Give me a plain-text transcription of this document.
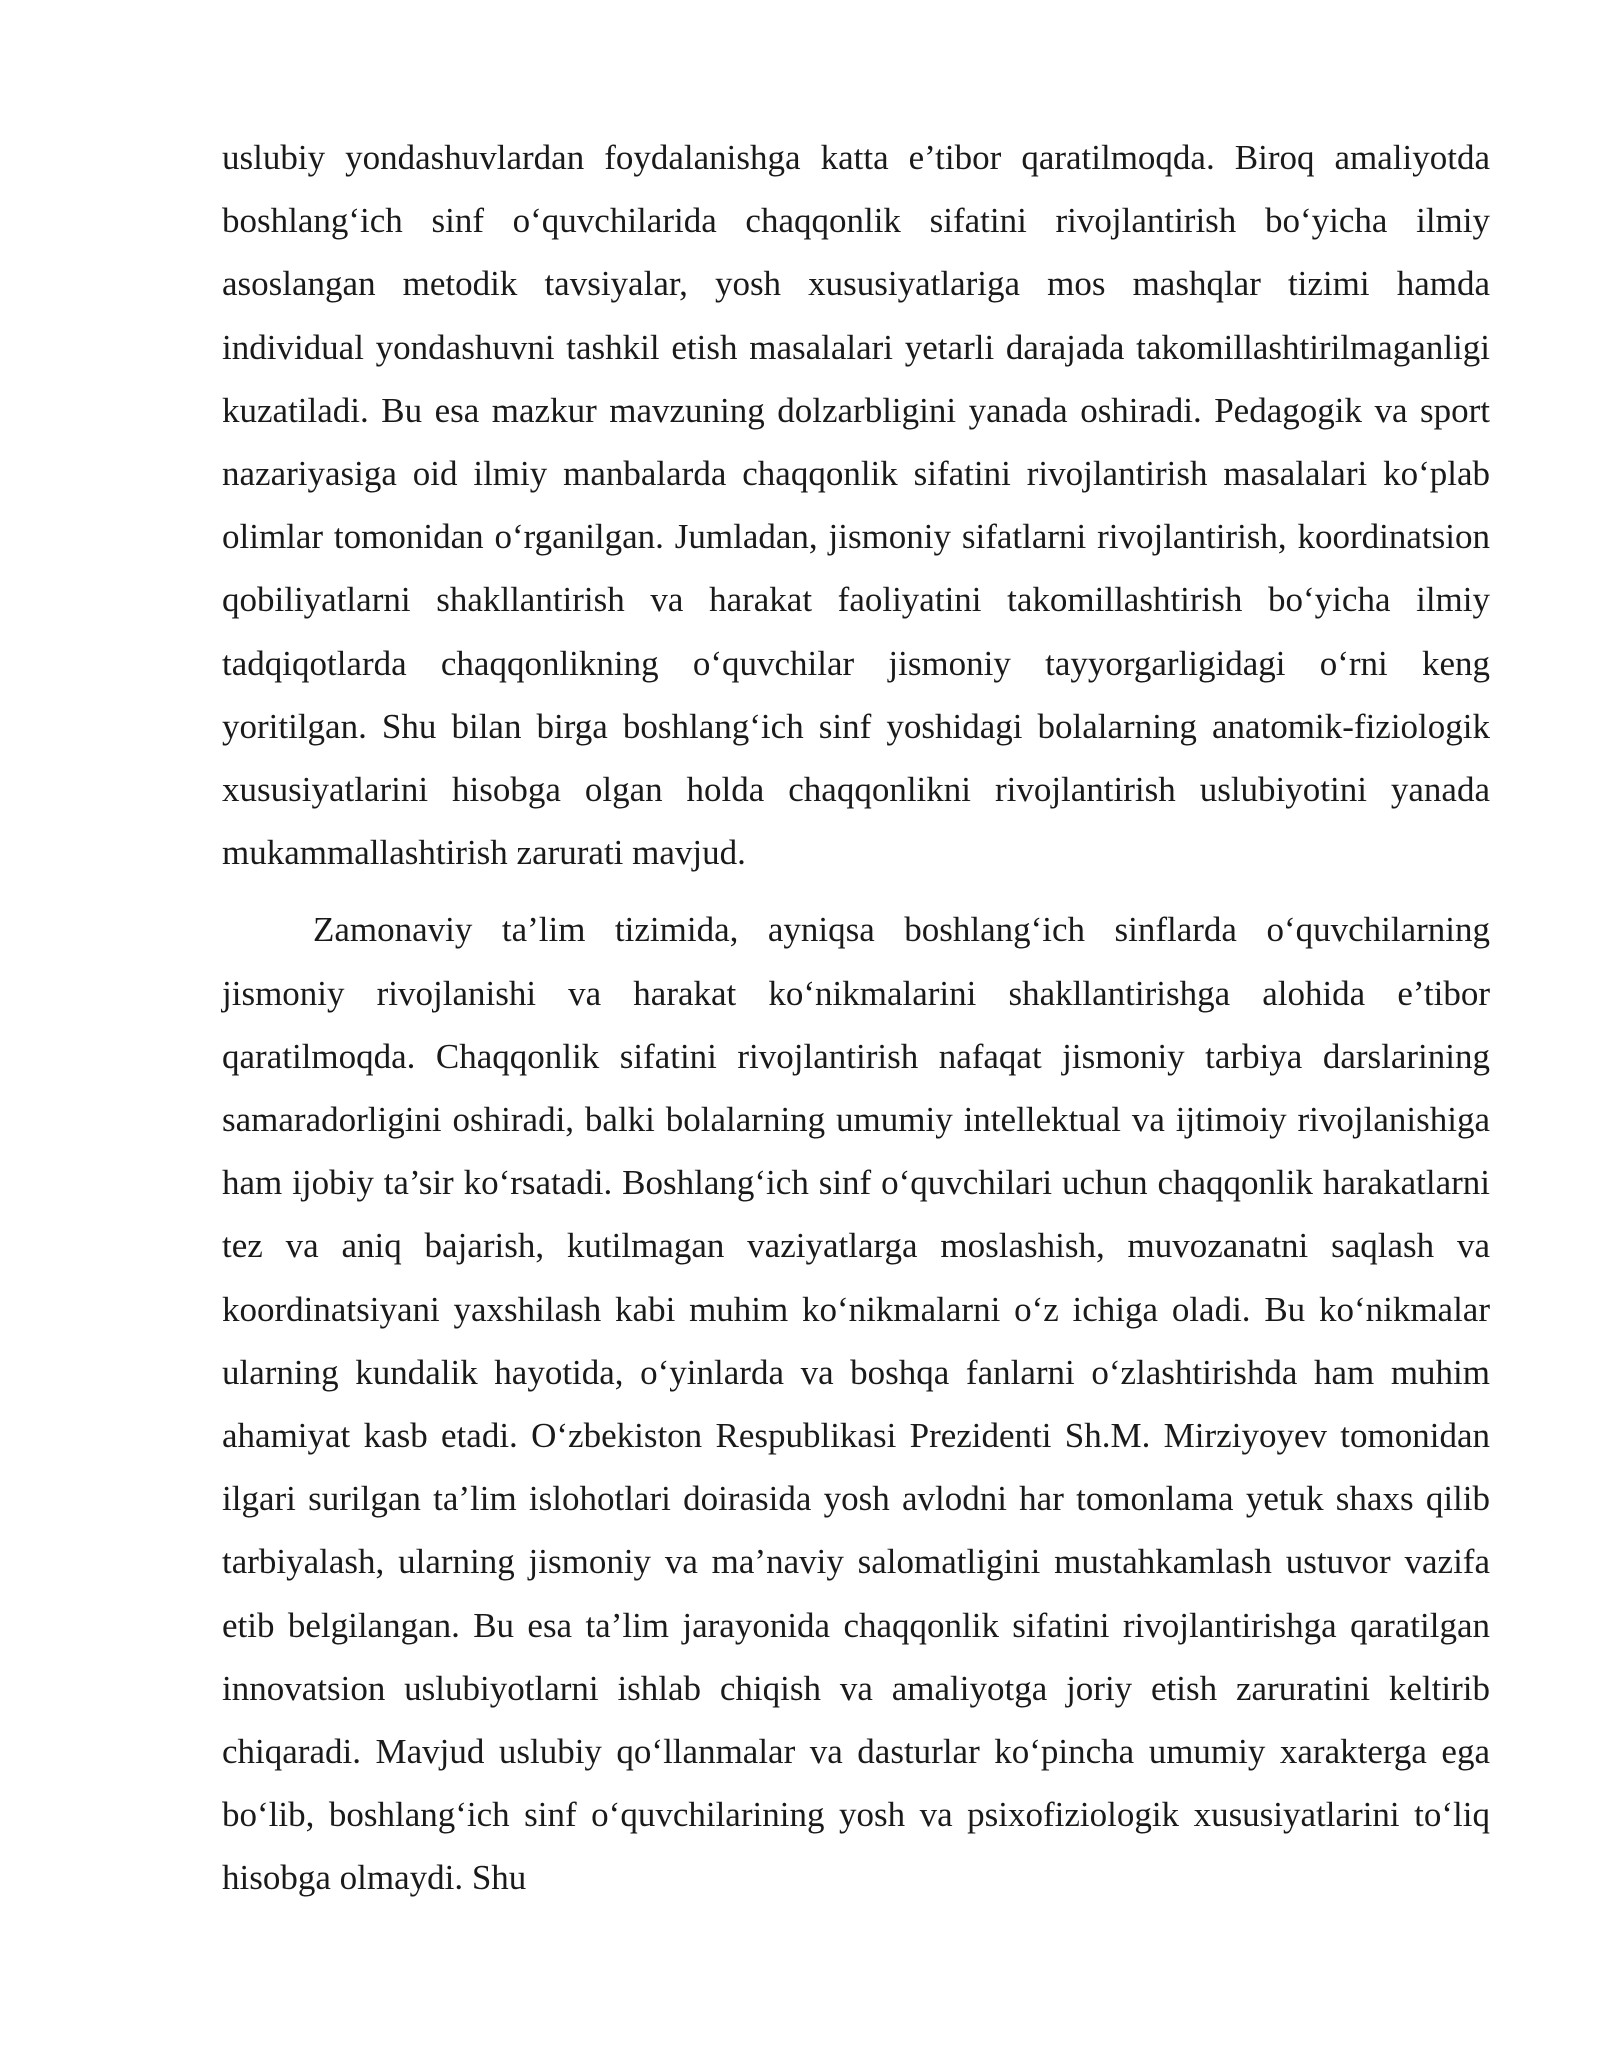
uslubiy yondashuvlardan foydalanishga katta e’tibor qaratilmoqda. Biroq amaliyotda boshlang‘ich sinf o‘quvchilarida chaqqonlik sifatini rivojlantirish bo‘yicha ilmiy asoslangan metodik tavsiyalar, yosh xususiyatlariga mos mashqlar tizimi hamda individual yondashuvni tashkil etish masalalari yetarli darajada takomillashtirilmaganligi kuzatiladi. Bu esa mazkur mavzuning dolzarbligini yanada oshiradi. Pedagogik va sport nazariyasiga oid ilmiy manbalarda chaqqonlik sifatini rivojlantirish masalalari ko‘plab olimlar tomonidan o‘rganilgan. Jumladan, jismoniy sifatlarni rivojlantirish, koordinatsion qobiliyatlarni shakllantirish va harakat faoliyatini takomillashtirish bo‘yicha ilmiy tadqiqotlarda chaqqonlikning o‘quvchilar jismoniy tayyorgarligidagi o‘rni keng yoritilgan. Shu bilan birga boshlang‘ich sinf yoshidagi bolalarning anatomik-fiziologik xususiyatlarini hisobga olgan holda chaqqonlikni rivojlantirish uslubiyotini yanada mukammallashtirish zarurati mavjud.

Zamonaviy ta’lim tizimida, ayniqsa boshlang‘ich sinflarda o‘quvchilarning jismoniy rivojlanishi va harakat ko‘nikmalarini shakllantirishga alohida e’tibor qaratilmoqda. Chaqqonlik sifatini rivojlantirish nafaqat jismoniy tarbiya darslarining samaradorligini oshiradi, balki bolalarning umumiy intellektual va ijtimoiy rivojlanishiga ham ijobiy ta’sir ko‘rsatadi. Boshlang‘ich sinf o‘quvchilari uchun chaqqonlik harakatlarni tez va aniq bajarish, kutilmagan vaziyatlarga moslashish, muvozanatni saqlash va koordinatsiyani yaxshilash kabi muhim ko‘nikmalarni o‘z ichiga oladi. Bu ko‘nikmalar ularning kundalik hayotida, o‘yinlarda va boshqa fanlarni o‘zlashtirishda ham muhim ahamiyat kasb etadi. O‘zbekiston Respublikasi Prezidenti Sh.M. Mirziyoyev tomonidan ilgari surilgan ta’lim islohotlari doirasida yosh avlodni har tomonlama yetuk shaxs qilib tarbiyalash, ularning jismoniy va ma’naviy salomatligini mustahkamlash ustuvor vazifa etib belgilangan. Bu esa ta’lim jarayonida chaqqonlik sifatini rivojlantirishga qaratilgan innovatsion uslubiyotlarni ishlab chiqish va amaliyotga joriy etish zaruratini keltirib chiqaradi. Mavjud uslubiy qo‘llanmalar va dasturlar ko‘pincha umumiy xarakterga ega bo‘lib, boshlang‘ich sinf o‘quvchilarining yosh va psixofiziologik xususiyatlarini to‘liq hisobga olmaydi. Shu
